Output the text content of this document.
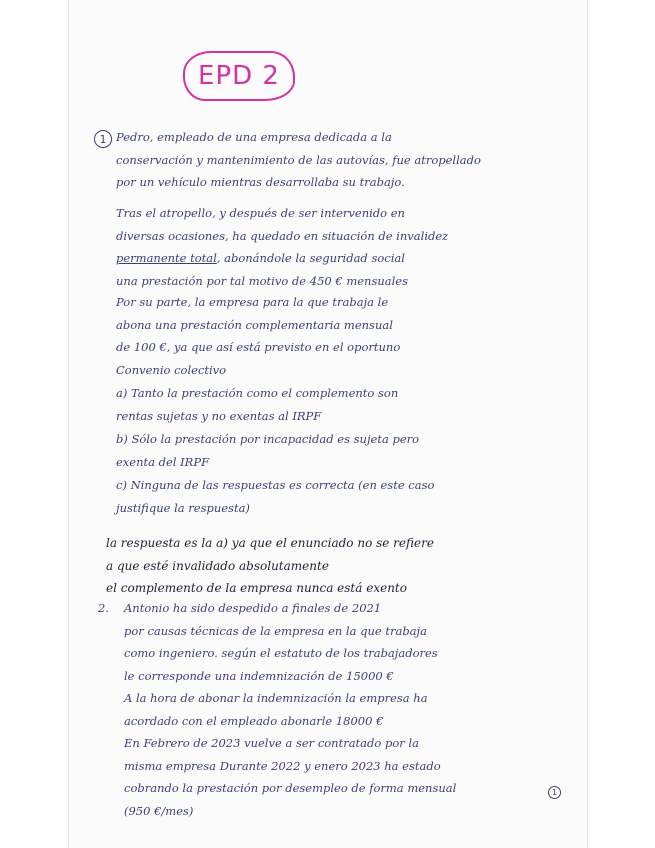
EPD 2
1 Pedro, empleado de una empresa dedicada a la
conservación y mantenimiento de las autovías, fue atropellado
por un vehículo mientras desarrollaba su trabajo.
Tras el atropello, y después de ser intervenido en
diversas ocasiones, ha quedado en situación de invalidez
permanente total, abonándole la seguridad social
una prestación por tal motivo de 450 € mensuales
Por su parte, la empresa para la que trabaja le
abona una prestación complementaria mensual
de 100 €, ya que así está previsto en el oportuno
Convenio colectivo
a) Tanto la prestación como el complemento son
rentas sujetas y no exentas al IRPF
b) Sólo la prestación por incapacidad es sujeta pero
exenta del IRPF
c) Ninguna de las respuestas es correcta (en este caso
justifique la respuesta)
la respuesta es la a) ya que el enunciado no se refiere
a que esté invalidado absolutamente
el complemento de la empresa nunca está exento
2. Antonio ha sido despedido a finales de 2021
por causas técnicas de la empresa en la que trabaja
como ingeniero. según el estatuto de los trabajadores
le corresponde una indemnización de 15000 €
A la hora de abonar la indemnización la empresa ha
acordado con el empleado abonarle 18000 €
En Febrero de 2023 vuelve a ser contratado por la
misma empresa Durante 2022 y enero 2023 ha estado
cobrando la prestación por desempleo de forma mensual
(950 €/mes)
1
